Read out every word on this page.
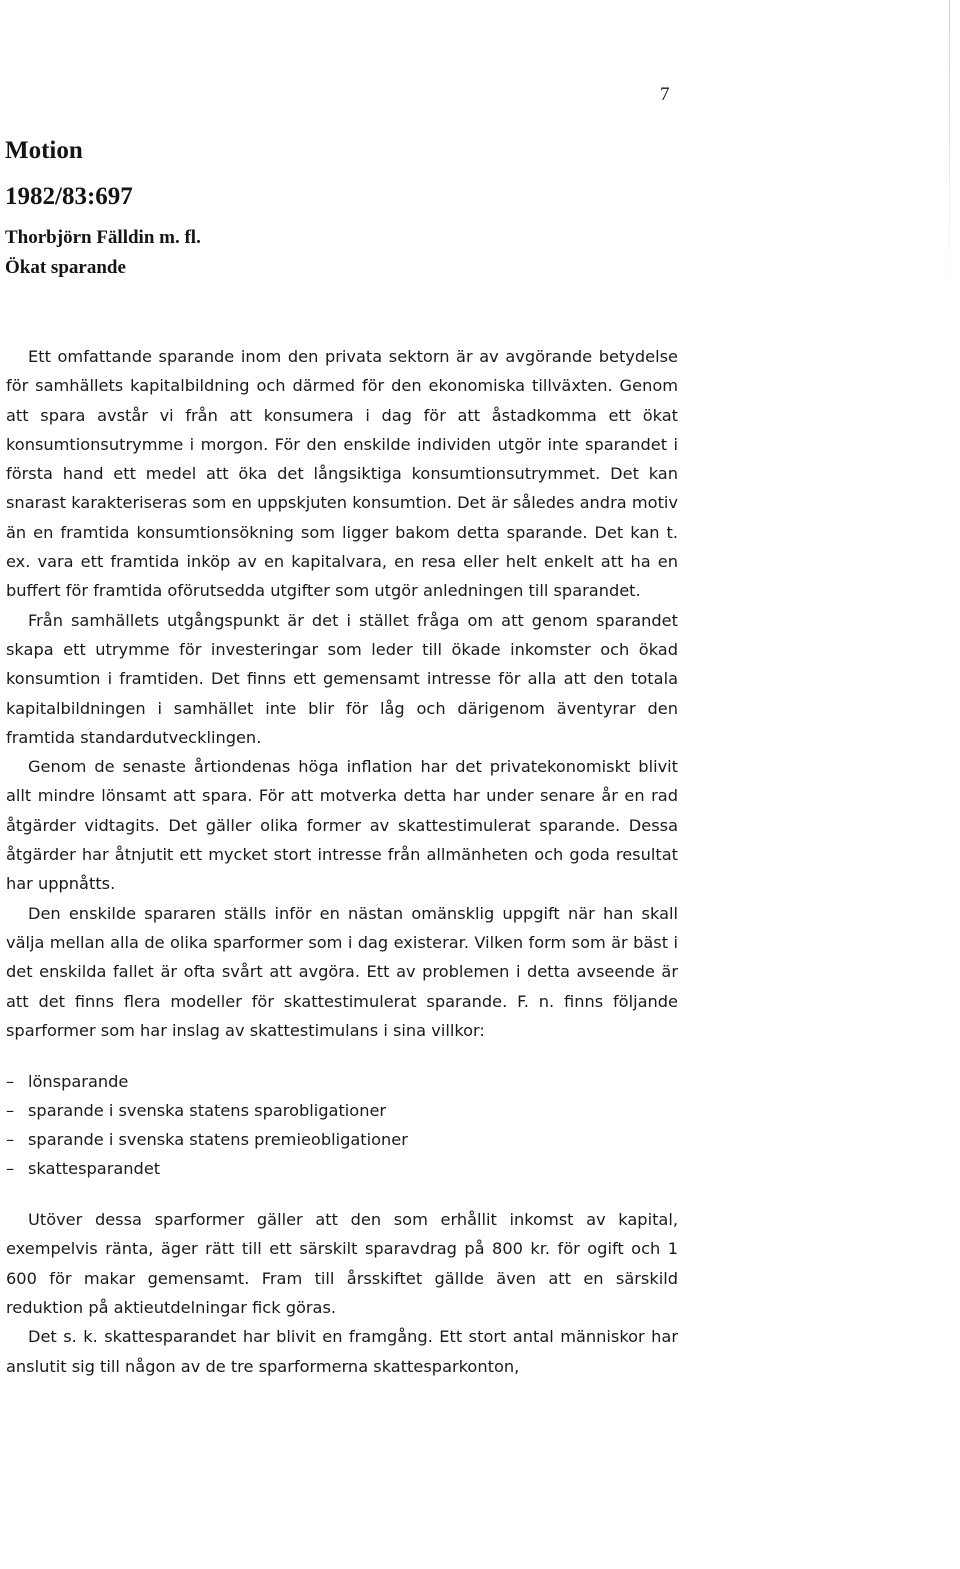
7
Motion
1982/83:697
Thorbjörn Fälldin m. fl.
Ökat sparande

Ett omfattande sparande inom den privata sektorn är av avgörande betydelse för samhällets kapitalbildning och därmed för den ekonomiska tillväxten. Genom att spara avstår vi från att konsumera i dag för att åstadkomma ett ökat konsumtionsutrymme i morgon. För den enskilde individen utgör inte sparandet i första hand ett medel att öka det långsiktiga konsumtionsutrymmet. Det kan snarast karakteriseras som en uppskjuten konsumtion. Det är således andra motiv än en framtida konsumtionsökning som ligger bakom detta sparande. Det kan t. ex. vara ett framtida inköp av en kapitalvara, en resa eller helt enkelt att ha en buffert för framtida oförutsedda utgifter som utgör anledningen till sparandet.

Från samhällets utgångspunkt är det i stället fråga om att genom sparandet skapa ett utrymme för investeringar som leder till ökade inkomster och ökad konsumtion i framtiden. Det finns ett gemensamt intresse för alla att den totala kapitalbildningen i samhället inte blir för låg och därigenom äventyrar den framtida standardutvecklingen.

Genom de senaste årtiondenas höga inflation har det privatekonomiskt blivit allt mindre lönsamt att spara. För att motverka detta har under senare år en rad åtgärder vidtagits. Det gäller olika former av skattestimulerat sparande. Dessa åtgärder har åtnjutit ett mycket stort intresse från allmänheten och goda resultat har uppnåtts.

Den enskilde spararen ställs inför en nästan omänsklig uppgift när han skall välja mellan alla de olika sparformer som i dag existerar. Vilken form som är bäst i det enskilda fallet är ofta svårt att avgöra. Ett av problemen i detta avseende är att det finns flera modeller för skattestimulerat sparande. F. n. finns följande sparformer som har inslag av skattestimulans i sina villkor:

– lönsparande
– sparande i svenska statens sparobligationer
– sparande i svenska statens premieobligationer
– skattesparandet

Utöver dessa sparformer gäller att den som erhållit inkomst av kapital, exempelvis ränta, äger rätt till ett särskilt sparavdrag på 800 kr. för ogift och 1 600 för makar gemensamt. Fram till årsskiftet gällde även att en särskild reduktion på aktieutdelningar fick göras.

Det s. k. skattesparandet har blivit en framgång. Ett stort antal människor har anslutit sig till någon av de tre sparformerna skattesparkonton,
